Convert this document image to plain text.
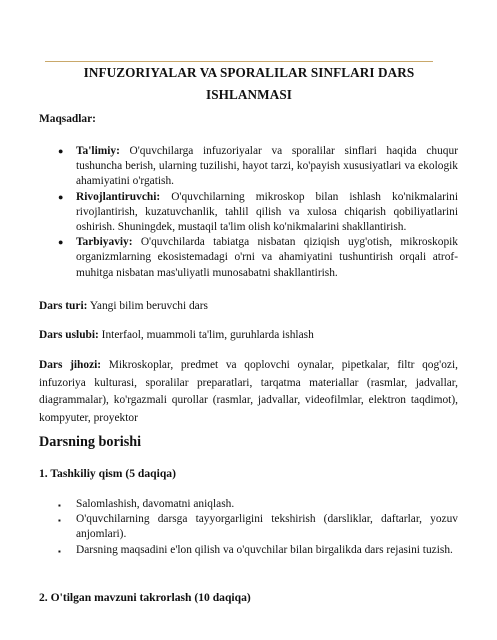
INFUZORIYALAR VA SPORALILAR SINFLARI DARS ISHLANMASI
Maqsadlar:
● Ta'limiy: O'quvchilarga infuzoriyalar va sporalilar sinflari haqida chuqur tushuncha berish, ularning tuzilishi, hayot tarzi, ko'payish xususiyatlari va ekologik ahamiyatini o'rgatish.
● Rivojlantiruvchi: O'quvchilarning mikroskop bilan ishlash ko'nikmalarini rivojlantirish, kuzatuvchanlik, tahlil qilish va xulosa chiqarish qobiliyatlarini oshirish. Shuningdek, mustaqil ta'lim olish ko'nikmalarini shakllantirish.
● Tarbiyaviy: O'quvchilarda tabiatga nisbatan qiziqish uyg'otish, mikroskopik organizmlarning ekosistemadagi o'rni va ahamiyatini tushuntirish orqali atrof-muhitga nisbatan mas'uliyatli munosabatni shakllantirish.
Dars turi: Yangi bilim beruvchi dars
Dars uslubi: Interfaol, muammoli ta'lim, guruhlarda ishlash
Dars jihozi: Mikroskoplar, predmet va qoplovchi oynalar, pipetkalar, filtr qog'ozi, infuzoriya kulturasi, sporalilar preparatlari, tarqatma materiallar (rasmlar, jadvallar, diagrammalar), ko'rgazmali qurollar (rasmlar, jadvallar, videofilmlar, elektron taqdimot), kompyuter, proyektor
Darsning borishi
1. Tashkiliy qism (5 daqiqa)
▪ Salomlashish, davomatni aniqlash.
▪ O'quvchilarning darsga tayyorgarligini tekshirish (darsliklar, daftarlar, yozuv anjomlari).
▪ Darsning maqsadini e'lon qilish va o'quvchilar bilan birgalikda dars rejasini tuzish.
2. O'tilgan mavzuni takrorlash (10 daqiqa)
